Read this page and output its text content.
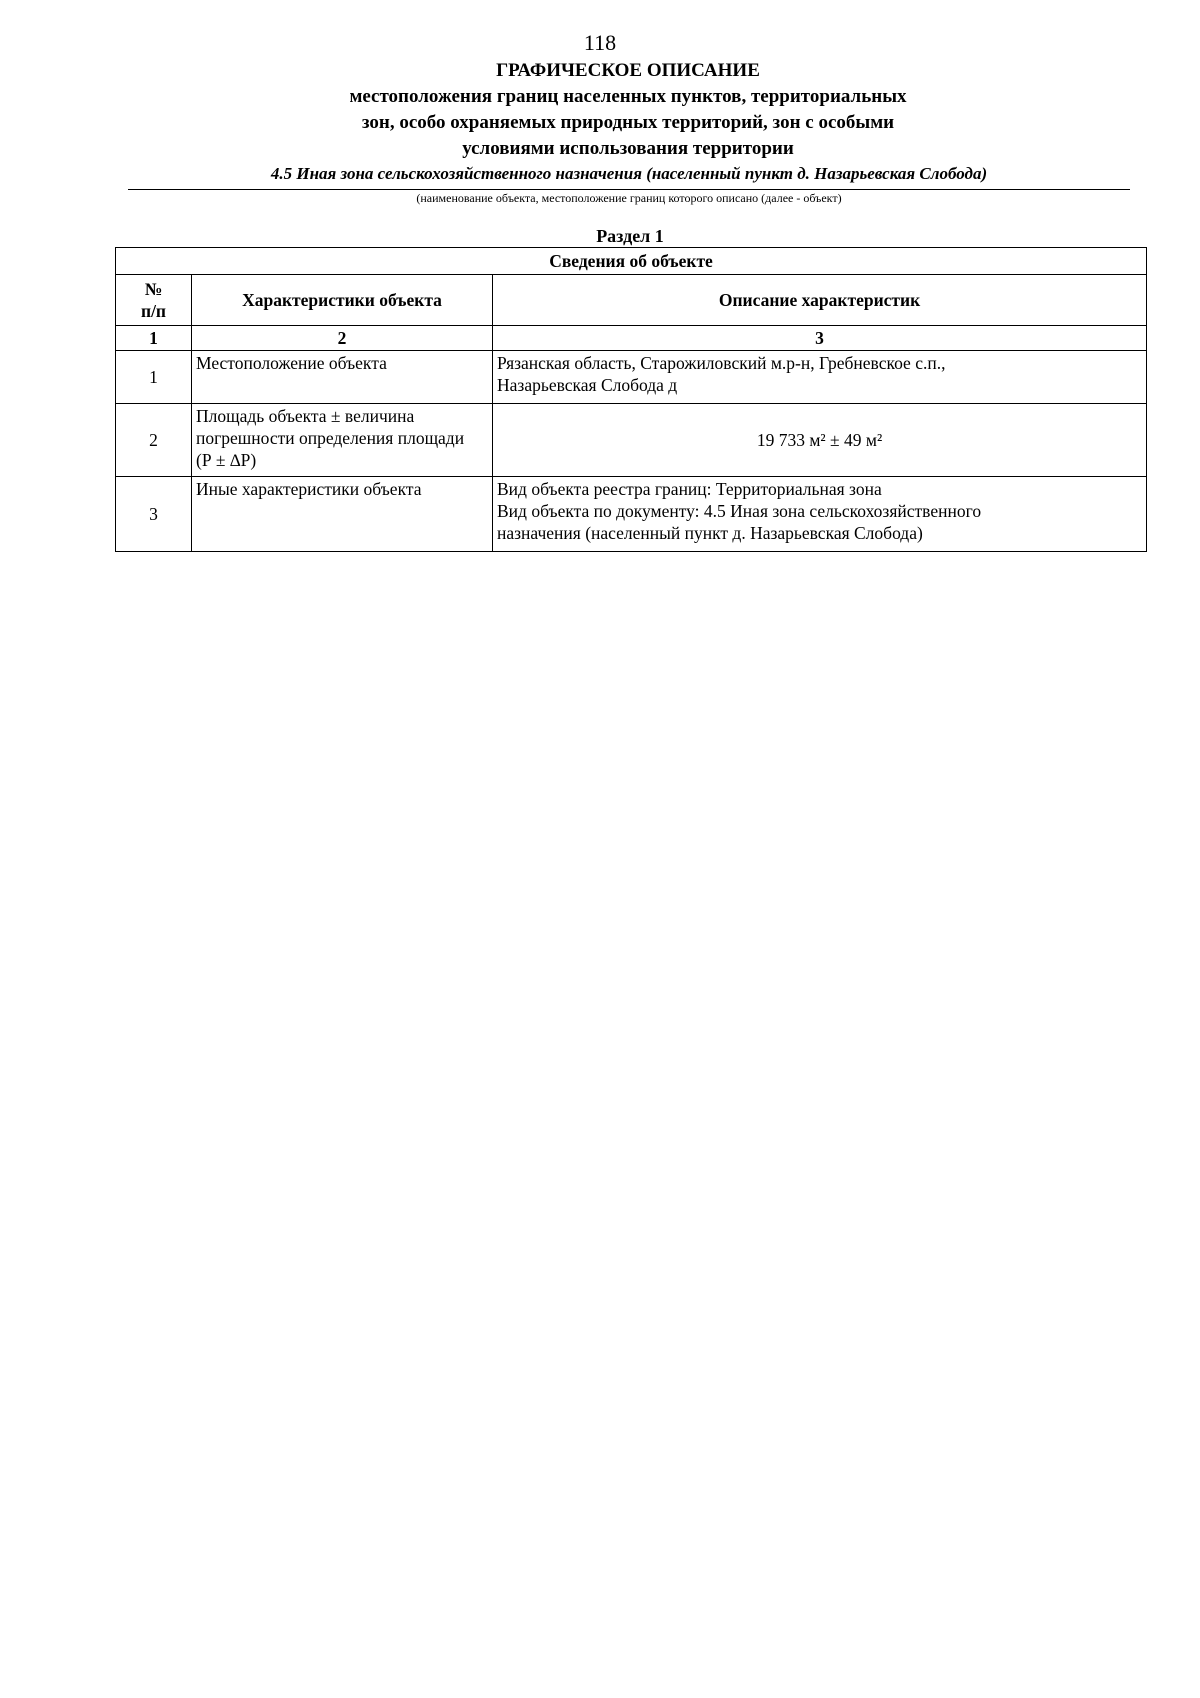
118
ГРАФИЧЕСКОЕ ОПИСАНИЕ
местоположения границ населенных пунктов, территориальных
зон, особо охраняемых природных территорий, зон с особыми
условиями использования территории
4.5 Иная зона сельскохозяйственного назначения (населенный пункт д. Назарьевская Слобода)
(наименование объекта, местоположение границ которого описано (далее - объект)
Раздел 1
Сведения об объекте		

№
п/п	Характеристики объекта	Описание характеристик
1	2	3
1	Местоположение объекта	Рязанская область, Старожиловский м.р-н, Гребневское с.п.,
Назарьевская Слобода д

2	Площадь объекта ± величина
погрешности определения площади
(Р ± ∆Р)	19 733 м² ± 49 м²
3	Иные характеристики объекта	Вид объекта реестра границ: Территориальная зона
Вид объекта по документу: 4.5 Иная зона сельскохозяйственного
назначения (населенный пункт д. Назарьевская Слобода)
